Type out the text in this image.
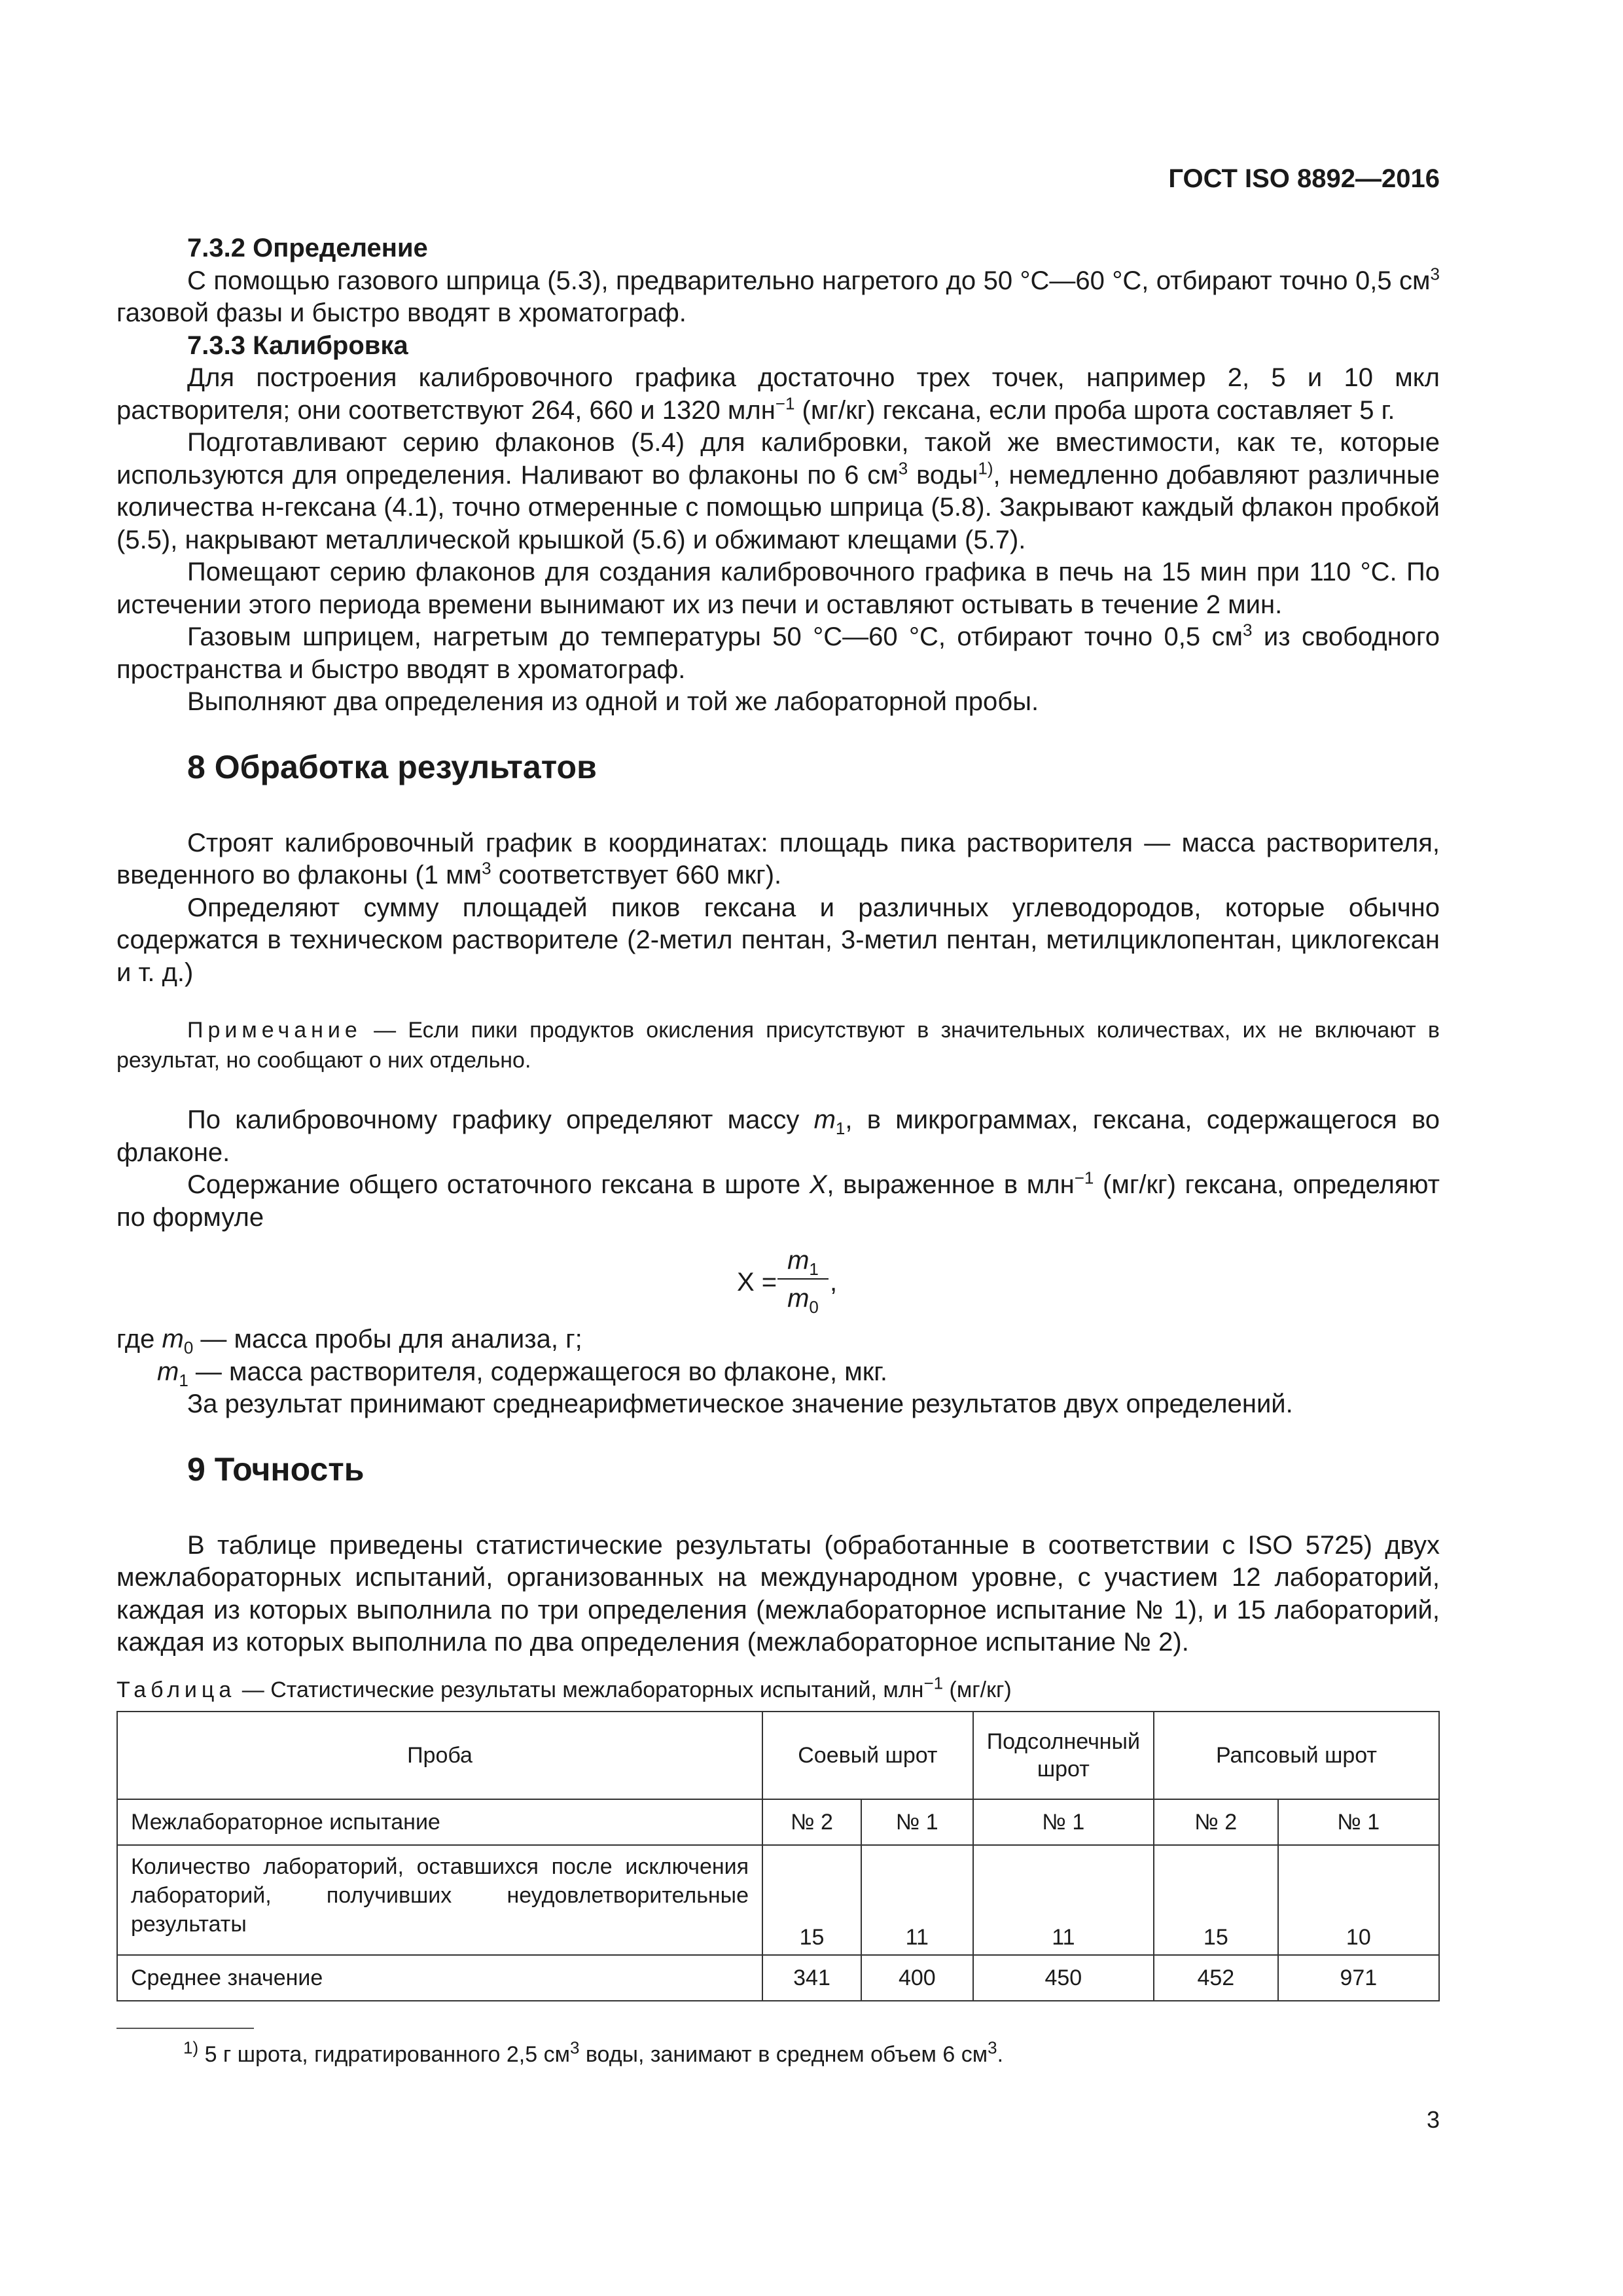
ГОСТ ISO 8892—2016

7.3.2 Определение

С помощью газового шприца (5.3), предварительно нагретого до 50 °С—60 °С, отбирают точно 0,5 $см^3$ газовой фазы и быстро вводят в хроматограф.

7.3.3 Калибровка

Для построения калибровочного графика достаточно трех точек, например 2, 5 и 10 мкл растворителя; они соответствуют 264, 660 и 1320 млн$^{-1}$ (мг/кг) гексана, если проба шрота составляет 5 г.

Подготавливают серию флаконов (5.4) для калибровки, такой же вместимости, как те, которые используются для определения. Наливают во флаконы по 6 $см^3$ воды$^{1)}$, немедленно добавляют различные количества н-гексана (4.1), точно отмеренные с помощью шприца (5.8). Закрывают каждый флакон пробкой (5.5), накрывают металлической крышкой (5.6) и обжимают клещами (5.7).

Помещают серию флаконов для создания калибровочного графика в печь на 15 мин при 110 °С. По истечении этого периода времени вынимают их из печи и оставляют остывать в течение 2 мин.

Газовым шприцем, нагретым до температуры 50 °С—60 °С, отбирают точно 0,5 $см^3$ из свободного пространства и быстро вводят в хроматограф.

Выполняют два определения из одной и той же лабораторной пробы.

8 Обработка результатов

Строят калибровочный график в координатах: площадь пика растворителя — масса растворителя, введенного во флаконы (1 $мм^3$ соответствует 660 мкг).

Определяют сумму площадей пиков гексана и различных углеводородов, которые обычно содержатся в техническом растворителе (2-метил пентан, 3-метил пентан, метилциклопентан, циклогексан и т. д.)

Примечание — Если пики продуктов окисления присутствуют в значительных количествах, их не включают в результат, но сообщают о них отдельно.

По калибровочному графику определяют массу $m_1$, в микрограммах, гексана, содержащегося во флаконе.

Содержание общего остаточного гексана в шроте X, выраженное в млн$^{-1}$ (мг/кг) гексана, определяют по формуле

X =
$m_1$
$m_0$
,

где $m_0$ — масса пробы для анализа, г;

$m_1$ — масса растворителя, содержащегося во флаконе, мкг.

За результат принимают среднеарифметическое значение результатов двух определений.

9 Точность

В таблице приведены статистические результаты (обработанные в соответствии с ISO 5725) двух межлабораторных испытаний, организованных на международном уровне, с участием 12 лабораторий, каждая из которых выполнила по три определения (межлабораторное испытание № 1), и 15 лабораторий, каждая из которых выполнила по два определения (межлабораторное испытание № 2).

Таблица — Статистические результаты межлабораторных испытаний, млн$^{-1}$ (мг/кг)
Проба	Соевый шрот		Подсолнечный шрот	Рапсовый шрот	
Межлабораторное испытание	№ 2	№ 1	№ 1	№ 2	№ 1
Количество лабораторий, оставшихся после исключения лабораторий, получивших неудовлетворительные результаты	15	11	11	15	10
Среднее значение	341	400	450	452	971
$^{1)}$ 5 г шрота, гидратированного 2,5 $см^3$ воды, занимают в среднем объем 6 $см^3$.
3
